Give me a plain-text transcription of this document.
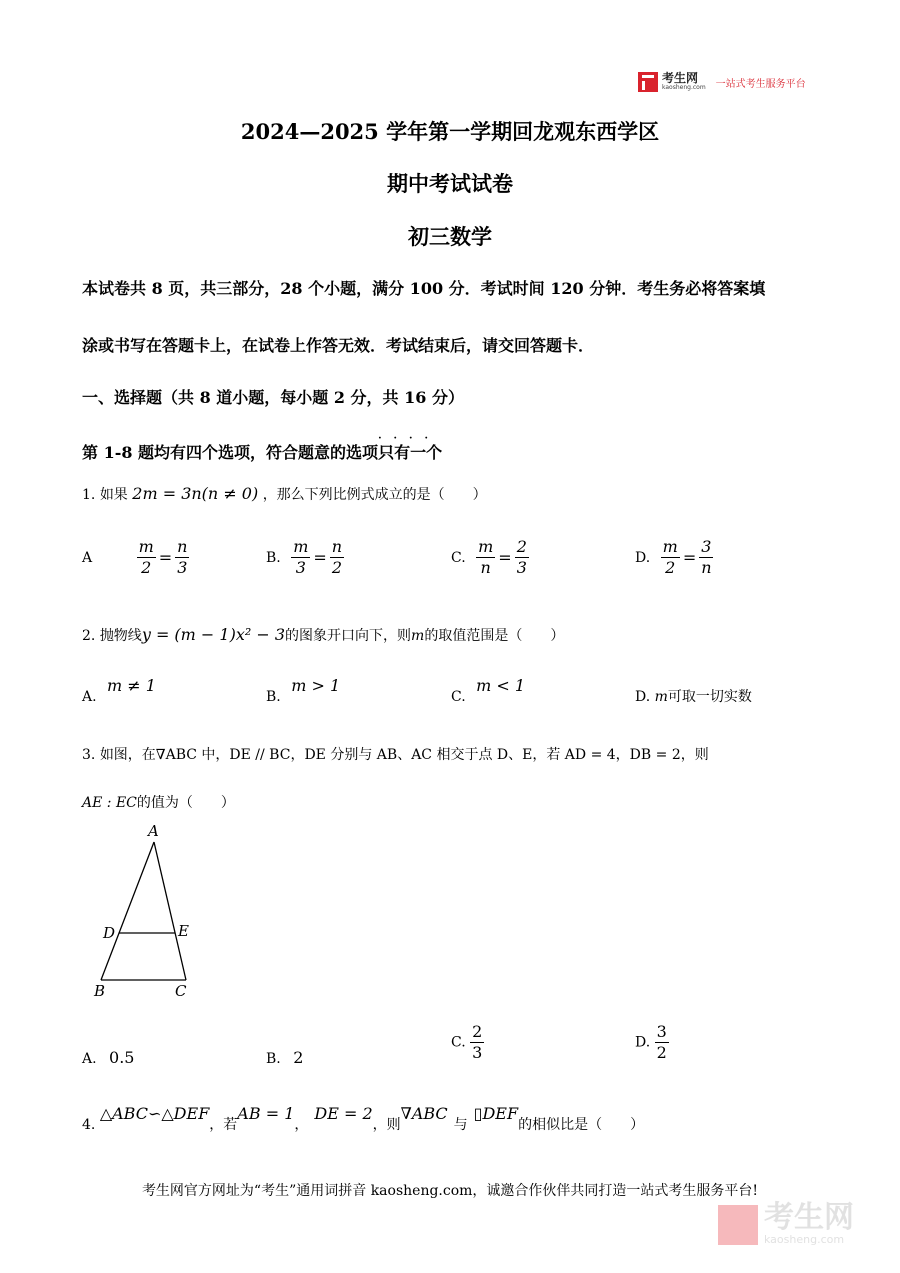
考生网
kaosheng.com 一站式考生服务平台
2024—2025 学年第一学期回龙观东西学区
期中考试试卷
初三数学
本试卷共 8 页，共三部分，28 个小题，满分 100 分．考试时间 120 分钟．考生务必将答案填
涂或书写在答题卡上，在试卷上作答无效．考试结束后，请交回答题卡．
一、选择题（共 8 道小题，每小题 2 分，共 16 分）
第 1-8 题均有四个选项，符合题意的选项
····
只有一个
1. 如果 2m = 3n(n ≠ 0) ，那么下列比例式成立的是（　　）
A	$\frac{m}{2} = \frac{n}{3}$	B. $\frac{m}{3} = \frac{n}{2}$	C. $\frac{m}{n} = \frac{2}{3}$	D. $\frac{m}{2} = \frac{3}{n}$
2. 抛物线y = (m − 1)x² − 3的图象开口向下，则m的取值范围是（　　）
A. m ≠ 1
B. m > 1
C. m < 1
D. m可取一切实数
3. 如图，在∇ABC 中，DE // BC，DE 分别与 AB、AC 相交于点 D、E，若 AD = 4，DB = 2，则
AE : EC的值为（　　）
A
D	E
B	C
A. 0.5	B. 2
C. $\frac{2}{3}$	D. $\frac{3}{2}$
4. △ABC∽△DEF，若AB = 1，DE = 2，则∇ABC与▯DEF的相似比是（　　）
考生网官方网址为“考生”通用词拼音 kaosheng.com，诚邀合作伙伴共同打造一站式考生服务平台!
考生网
kaosheng.com
